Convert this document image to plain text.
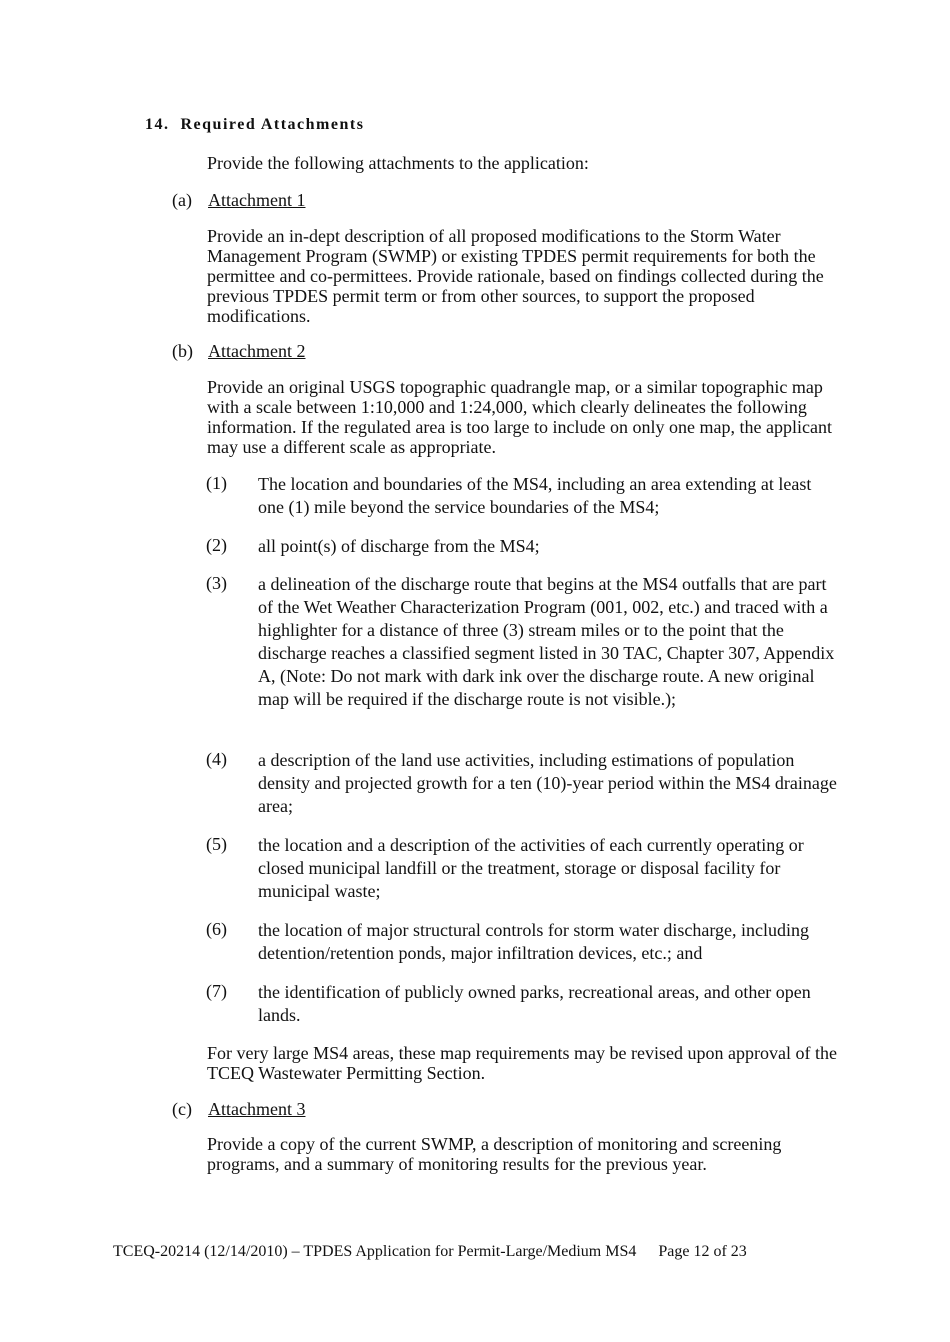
14. Required Attachments
Provide the following attachments to the application:
(a) Attachment 1
Provide an in-dept description of all proposed modifications to the Storm Water Management Program (SWMP) or existing TPDES permit requirements for both the permittee and co-permittees. Provide rationale, based on findings collected during the previous TPDES permit term or from other sources, to support the proposed modifications.
(b) Attachment 2
Provide an original USGS topographic quadrangle map, or a similar topographic map with a scale between 1:10,000 and 1:24,000, which clearly delineates the following information. If the regulated area is too large to include on only one map, the applicant may use a different scale as appropriate.
(1) The location and boundaries of the MS4, including an area extending at least one (1) mile beyond the service boundaries of the MS4;
(2) all point(s) of discharge from the MS4;
(3) a delineation of the discharge route that begins at the MS4 outfalls that are part of the Wet Weather Characterization Program (001, 002, etc.) and traced with a highlighter for a distance of three (3) stream miles or to the point that the discharge reaches a classified segment listed in 30 TAC, Chapter 307, Appendix A, (Note: Do not mark with dark ink over the discharge route. A new original map will be required if the discharge route is not visible.);
(4) a description of the land use activities, including estimations of population density and projected growth for a ten (10)-year period within the MS4 drainage area;
(5) the location and a description of the activities of each currently operating or closed municipal landfill or the treatment, storage or disposal facility for municipal waste;
(6) the location of major structural controls for storm water discharge, including detention/retention ponds, major infiltration devices, etc.; and
(7) the identification of publicly owned parks, recreational areas, and other open lands.
For very large MS4 areas, these map requirements may be revised upon approval of the TCEQ Wastewater Permitting Section.
(c) Attachment 3
Provide a copy of the current SWMP, a description of monitoring and screening programs, and a summary of monitoring results for the previous year.
TCEQ-20214 (12/14/2010) – TPDES Application for Permit-Large/Medium MS4 Page 12 of 23
